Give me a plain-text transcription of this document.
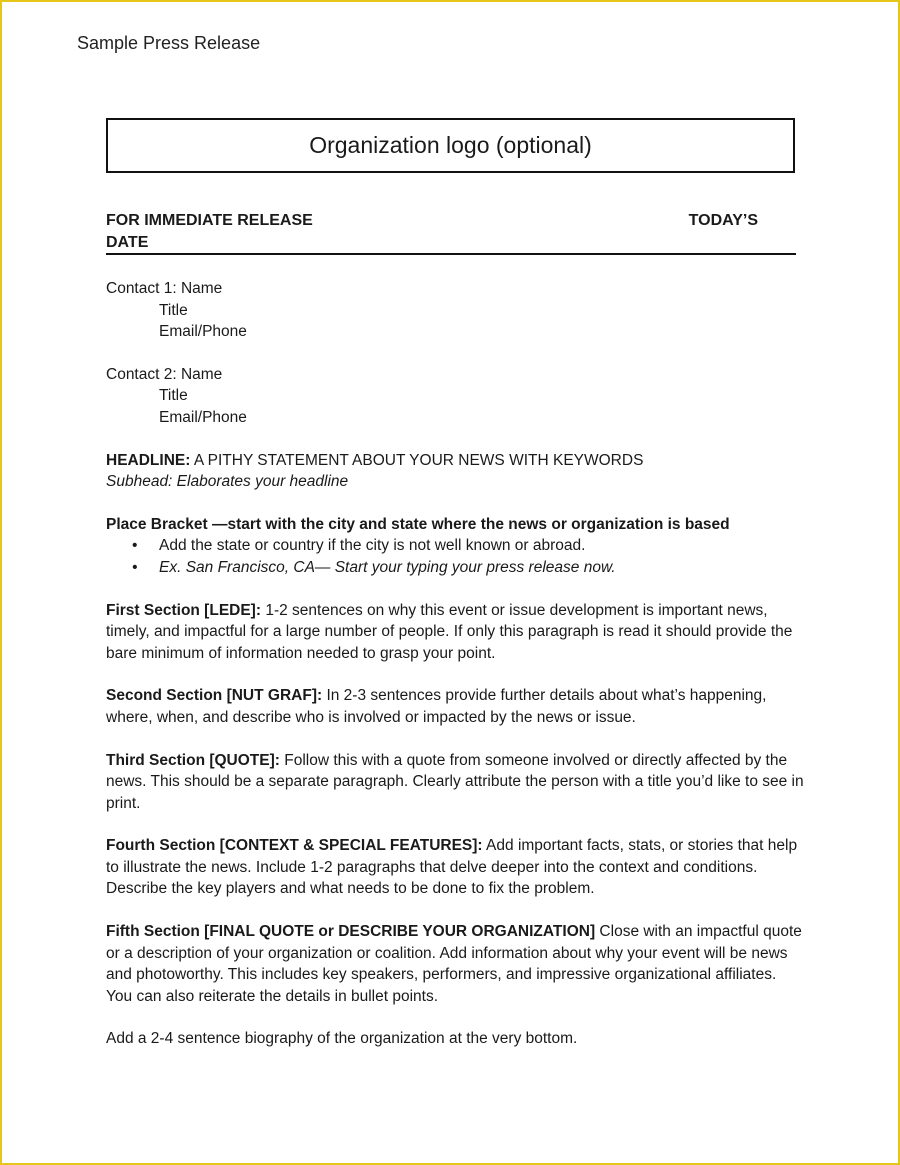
Sample Press Release
Organization logo (optional)
FOR IMMEDIATE RELEASE	TODAY’S
DATE
Contact 1: Name
Title
Email/Phone
Contact 2: Name
Title
Email/Phone

HEADLINE: A PITHY STATEMENT ABOUT YOUR NEWS WITH KEYWORDS

Subhead: Elaborates your headline

Place Bracket —start with the city and state where the news or organization is based

• Add the state or country if the city is not well known or abroad.
• Ex. San Francisco, CA— Start your typing your press release now.

First Section [LEDE]: 1-2 sentences on why this event or issue development is important news, timely, and impactful for a large number of people. If only this paragraph is read it should provide the bare minimum of information needed to grasp your point.

Second Section [NUT GRAF]: In 2-3 sentences provide further details about what’s happening, where, when, and describe who is involved or impacted by the news or issue.

Third Section [QUOTE]: Follow this with a quote from someone involved or directly affected by the news. This should be a separate paragraph. Clearly attribute the person with a title you’d like to see in print.

Fourth Section [CONTEXT & SPECIAL FEATURES]: Add important facts, stats, or stories that help to illustrate the news. Include 1-2 paragraphs that delve deeper into the context and conditions. Describe the key players and what needs to be done to fix the problem.

Fifth Section [FINAL QUOTE or DESCRIBE YOUR ORGANIZATION] Close with an impactful quote or a description of your organization or coalition. Add information about why your event will be news and photoworthy. This includes key speakers, performers, and impressive organizational affiliates. You can also reiterate the details in bullet points.

Add a 2-4 sentence biography of the organization at the very bottom.
